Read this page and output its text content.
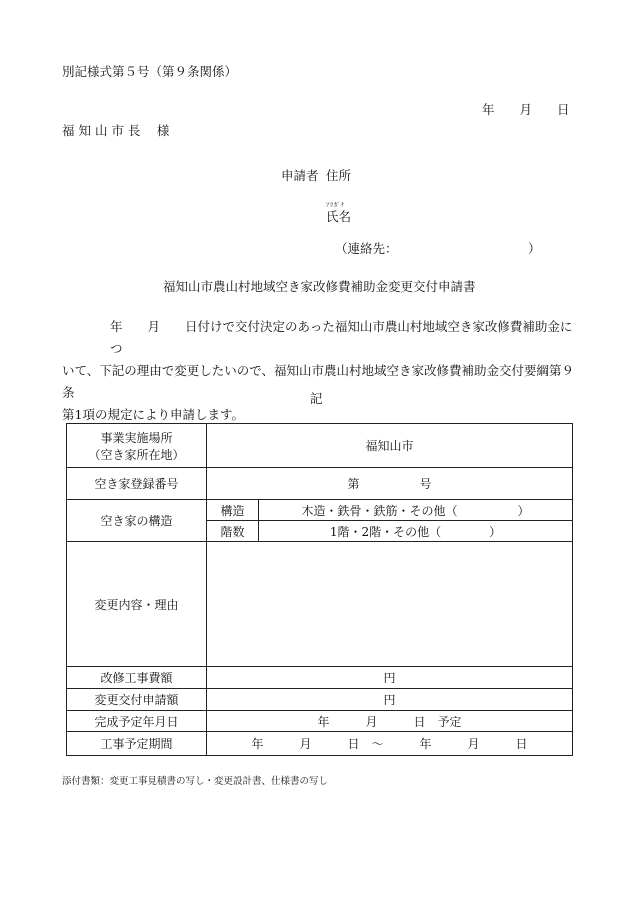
別記様式第５号（第９条関係）
年　　月　　日
福 知 山 市 長　 様
申請者 住所
ﾌﾘｶﾞﾅ
氏名
（連絡先：	）
福知山市農山村地域空き家改修費補助金変更交付申請書
年　　月　　日付けで交付決定のあった福知山市農山村地域空き家改修費補助金につ
いて、下記の理由で変更したいので、福知山市農山村地域空き家改修費補助金交付要綱第９条
第1項の規定により申請します。
記
事業実施場所
（空き家所在地）	福知山市	
空き家登録番号	第　　　　　号	
空き家の構造	構造	木造・鉄骨・鉄筋・その他（　　　　　）
	階数	1階・2階・その他（　　　　）
変更内容・理由		
改修工事費額	円	
変更交付申請額	円	
完成予定年月日	年　　　月　　　日　予定	
工事予定期間	年　　　月　　　日　～　　　年　　　月　　　日	
添付書類：変更工事見積書の写し・変更設計書、仕様書の写し
